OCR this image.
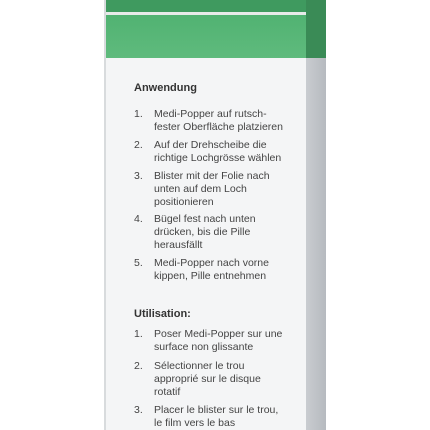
Anwendung
1.	Medi-Popper auf rutsch-
fester Oberfläche platzieren
2.	Auf der Drehscheibe die
richtige Lochgrösse wählen
3.	Blister mit der Folie nach
unten auf dem Loch
positionieren
4.	Bügel fest nach unten
drücken, bis die Pille
herausfällt
5.	Medi-Popper nach vorne
kippen, Pille entnehmen
Utilisation:
1.	Poser Medi-Popper sur une
surface non glissante
2.	Sélectionner le trou
approprié sur le disque
rotatif
3.	Placer le blister sur le trou,
le film vers le bas
